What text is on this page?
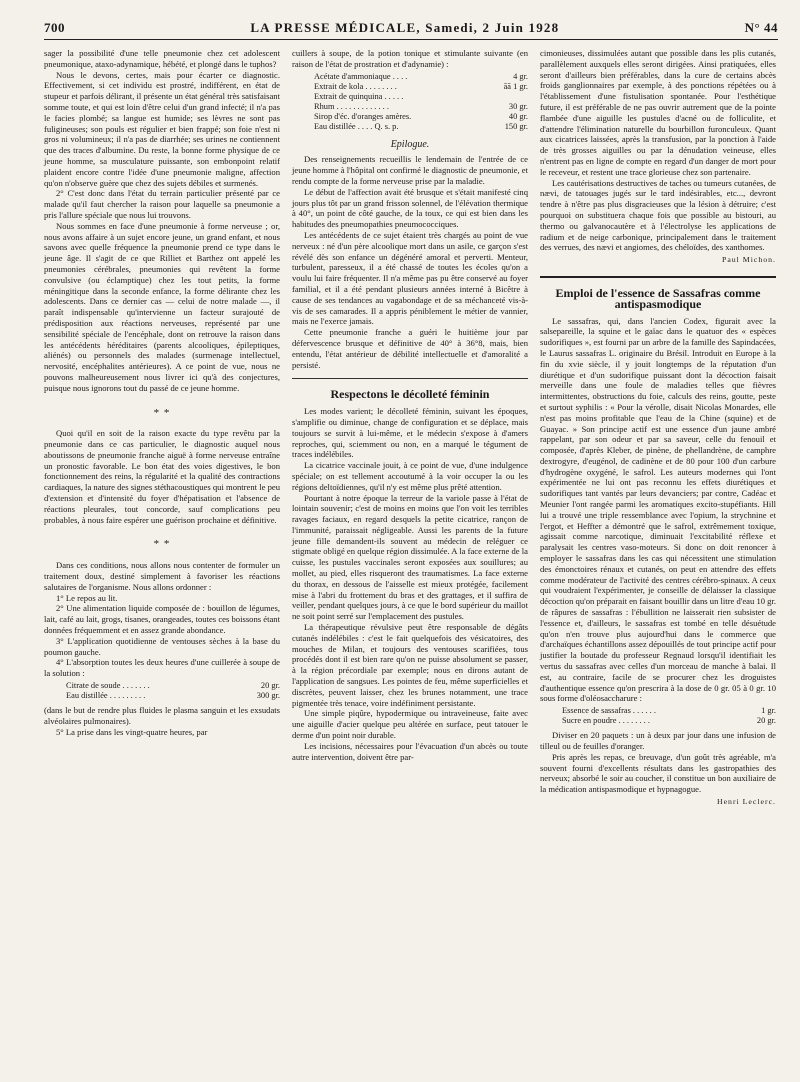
700	LA PRESSE MÉDICALE, Samedi, 2 Juin 1928	N° 44

sager la possibilité d'une telle pneumonie chez cet adolescent pneumonique, ataxo-adynamique, hébété, et plongé dans le tuphos?

Nous le devons, certes, mais pour écarter ce diagnostic. Effectivement, si cet individu est prostré, indifférent, en état de stupeur et parfois délirant, il présente un état général très satisfaisant somme toute, et qui est loin d'être celui d'un grand infecté; il n'a pas le facies plombé; sa langue est humide; ses lèvres ne sont pas fuligineuses; son pouls est régulier et bien frappé; son foie n'est ni gros ni volumineux; il n'a pas de diarrhée; ses urines ne contiennent que des traces d'albumine. Du reste, la bonne forme physique de ce jeune homme, sa musculature puissante, son embonpoint relatif plaident encore contre l'idée d'une pneumonie maligne, affection qu'on n'observe guère que chez des sujets débiles et surmenés.

2° C'est donc dans l'état du terrain particulier présenté par ce malade qu'il faut chercher la raison pour laquelle sa pneumonie a pris l'allure spéciale que nous lui trouvons.

Nous sommes en face d'une pneumonie à forme nerveuse ; or, nous avons affaire à un sujet encore jeune, un grand enfant, et nous savons avec quelle fréquence la pneumonie prend ce type dans le jeune âge. Il s'agit de ce que Rilliet et Barthez ont appelé les pneumonies cérébrales, pneumonies qui revêtent la forme convulsive (ou éclamptique) chez les tout petits, la forme méningitique dans la seconde enfance, la forme délirante chez les adolescents. Dans ce dernier cas — celui de notre malade —, il paraît indispensable qu'intervienne un facteur surajouté de prédisposition aux réactions nerveuses, représenté par une sensibilité spéciale de l'encéphale, dont on retrouve la raison dans les antécédents héréditaires (parents alcooliques, épileptiques, aliénés) ou personnels des malades (surmenage intellectuel, nervosité, encéphalites antérieures). A ce point de vue, nous ne pouvons malheureusement nous livrer ici qu'à des conjectures, puisque nous ignorons tout du passé de ce jeune homme.

* *

Quoi qu'il en soit de la raison exacte du type revêtu par la pneumonie dans ce cas particulier, le diagnostic auquel nous aboutissons de pneumonie franche aiguë à forme nerveuse entraîne un pronostic favorable. Le bon état des voies digestives, le bon fonctionnement des reins, la régularité et la qualité des contractions cardiaques, la nature des signes stéthacoustiques qui montrent le peu d'extension et d'intensité du foyer d'hépatisation et l'absence de réactions pleurales, tout concorde, sauf complications peu probables, à nous faire espérer une guérison prochaine et définitive.

* *

Dans ces conditions, nous allons nous contenter de formuler un traitement doux, destiné simplement à favoriser les réactions salutaires de l'organisme. Nous allons ordonner :

1° Le repos au lit.
2° Une alimentation liquide composée de : bouillon de légumes, lait, café au lait, grogs, tisanes, orangeades, toutes ces boissons étant données fréquemment et en assez grande abondance.
3° L'application quotidienne de ventouses sèches à la base du poumon gauche.
4° L'absorption toutes les deux heures d'une cuillerée à soupe de la solution :
Citrate de soude . . . . . . .	20 gr.
Eau distillée . . . . . . . . .	300 gr.

(dans le but de rendre plus fluides le plasma sanguin et les exsudats alvéolaires pulmonaires).

5° La prise dans les vingt-quatre heures, par

cuillers à soupe, de la potion tonique et stimulante suivante (en raison de l'état de prostration et d'adynamie) :

Acétate d'ammoniaque . . . .	4 gr.
Extrait de kola . . . . . . . .	āā 1 gr.
Extrait de quinquina . . . . .	
Rhum . . . . . . . . . . . . .	30 gr.
Sirop d'éc. d'oranges amères.	40 gr.
Eau distillée . . . . Q. s. p.	150 gr.
Epilogue.

Des renseignements recueillis le lendemain de l'entrée de ce jeune homme à l'hôpital ont confirmé le diagnostic de pneumonie, et rendu compte de la forme nerveuse prise par la maladie.

Le début de l'affection avait été brusque et s'était manifesté cinq jours plus tôt par un grand frisson solennel, de l'élévation thermique à 40°, un point de côté gauche, de la toux, ce qui est bien dans les habitudes des pneumopathies pneumococciques.

Les antécédents de ce sujet étaient très chargés au point de vue nerveux : né d'un père alcoolique mort dans un asile, ce garçon s'est révélé dès son enfance un dégénéré amoral et perverti. Menteur, turbulent, paresseux, il a été chassé de toutes les écoles qu'on a voulu lui faire fréquenter. Il n'a même pas pu être conservé au foyer familial, et il a été pendant plusieurs années interné à Bicêtre à cause de ses tendances au vagabondage et de sa méchanceté vis-à-vis de ses camarades. Il a appris péniblement le métier de vannier, mais ne l'exerce jamais.

Cette pneumonie franche a guéri le huitième jour par défervescence brusque et définitive de 40° à 36°8, mais, bien entendu, l'état antérieur de débilité intellectuelle et d'amoralité a persisté.

Respectons le décolleté féminin

Les modes varient; le décolleté féminin, suivant les époques, s'amplifie ou diminue, change de configuration et se déplace, mais toujours se survit à lui-même, et le médecin s'expose à d'amers reproches, qui, sciemment ou non, en a marqué le tégument de traces indélébiles.

La cicatrice vaccinale jouit, à ce point de vue, d'une indulgence spéciale; on est tellement accoutumé à la voir occuper la ou les régions deltoïdiennes, qu'il n'y est même plus prêté attention.

Pourtant à notre époque la terreur de la variole passe à l'état de lointain souvenir; c'est de moins en moins que l'on voit les terribles ravages faciaux, en regard desquels la petite cicatrice, rançon de l'immunité, paraissait négligeable. Aussi les parents de la future jeune fille demandent-ils souvent au médecin de reléguer ce stigmate obligé en quelque région dissimulée. A la face externe de la cuisse, les pustules vaccinales seront exposées aux souillures; au mollet, au pied, elles risqueront des traumatismes. La face externe du thorax, en dessous de l'aisselle est mieux protégée, facilement mise à l'abri du frottement du bras et des grattages, et il suffira de veiller, pendant quelques jours, à ce que le bord supérieur du maillot ne soit point serré sur l'emplacement des pustules.

La thérapeutique révulsive peut être responsable de dégâts cutanés indélébiles : c'est le fait quelquefois des vésicatoires, des mouches de Milan, et toujours des ventouses scarifiées, tous procédés dont il est bien rare qu'on ne puisse absolument se passer, à la région précordiale par exemple; nous en dirons autant de l'application de sangsues. Les pointes de feu, même superficielles et discrètes, peuvent laisser, chez les brunes notamment, une trace pigmentée très tenace, voire indéfiniment persistante.

Une simple piqûre, hypodermique ou intraveineuse, faite avec une aiguille d'acier quelque peu altérée en surface, peut tatouer le derme d'un point noir durable.

Les incisions, nécessaires pour l'évacuation d'un abcès ou toute autre intervention, doivent être par-

cimonieuses, dissimulées autant que possible dans les plis cutanés, parallèlement auxquels elles seront dirigées. Ainsi pratiquées, elles seront d'ailleurs bien préférables, dans la cure de certains abcès froids ganglionnaires par exemple, à des ponctions répétées ou à l'établissement d'une fistulisation spontanée. Pour l'esthétique future, il est préférable de ne pas ouvrir autrement que de la pointe flambée d'une aiguille les pustules d'acné ou de folliculite, et d'attendre l'élimination naturelle du bourbillon furonculeux. Quant aux cicatrices laissées, après la transfusion, par la ponction à l'aide de très grosses aiguilles ou par la dénudation veineuse, elles n'entrent pas en ligne de compte en regard d'un danger de mort pour le receveur, et restent une trace glorieuse chez son partenaire.

Les cautérisations destructives de taches ou tumeurs cutanées, de nævi, de tatouages jugés sur le tard indésirables, etc..., devront tendre à n'être pas plus disgracieuses que la lésion à détruire; c'est pourquoi on substituera chaque fois que possible au bistouri, au thermo ou galvanocautère et à l'électrolyse les applications de radium et de neige carbonique, principalement dans le traitement des verrues, des nævi et angiomes, des chéloïdes, des xanthomes.

Paul Michon.
Emploi de l'essence de Sassafras comme antispasmodique

Le sassafras, qui, dans l'ancien Codex, figurait avec la salsepareille, la squine et le gaïac dans le quatuor des « espèces sudorifiques », est fourni par un arbre de la famille des Sapindacées, le Laurus sassafras L. originaire du Brésil. Introduit en Europe à la fin du xvie siècle, il y jouit longtemps de la réputation d'un diurétique et d'un sudorifique puissant dont la décoction faisait merveille dans une foule de maladies telles que fièvres intermittentes, obstructions du foie, calculs des reins, goutte, peste et surtout syphilis : « Pour la vérolle, disait Nicolas Monardes, elle n'est pas moins profitable que l'eau de la Chine (squine) et de Guayac. » Son principe actif est une essence d'un jaune ambré rappelant, par son odeur et par sa saveur, celle du fenouil et composée, d'après Kleber, de pinène, de phellandrène, de camphre dextrogyre, d'eugénol, de cadinène et de 80 pour 100 d'un carbure d'hydrogène oxygéné, le safrol. Les auteurs modernes qui l'ont expérimentée ne lui ont pas reconnu les effets diurétiques et sudorifiques tant vantés par leurs devanciers; par contre, Cadéac et Meunier l'ont rangée parmi les aromatiques excito-stupéfiants. Hill lui a trouvé une triple ressemblance avec l'opium, la strychnine et l'ergot, et Heffter a démontré que le safrol, extrêmement toxique, agissait comme narcotique, diminuait l'excitabilité réflexe et paralysait les centres vaso-moteurs. Si donc on doit renoncer à employer le sassafras dans les cas qui nécessitent une stimulation des émonctoires rénaux et cutanés, on peut en attendre des effets comme modérateur de l'activité des centres cérébro-spinaux. A ceux qui voudraient l'expérimenter, je conseille de délaisser la classique décoction qu'on préparait en faisant bouillir dans un litre d'eau 10 gr. de râpures de sassafras : l'ébullition ne laisserait rien subsister de l'essence et, d'ailleurs, le sassafras est tombé en telle désuétude qu'on n'en trouve plus aujourd'hui dans le commerce que d'archaïques échantillons assez dépouillés de tout principe actif pour justifier la boutade du professeur Regnaud lorsqu'il identifiait les vertus du sassafras avec celles d'un morceau de manche à balai. Il est, au contraire, facile de se procurer chez les droguistes d'authentique essence qu'on prescrira à la dose de 0 gr. 05 à 0 gr. 10 sous forme d'oléosaccharure :

Essence de sassafras . . . . . .	1 gr.
Sucre en poudre . . . . . . . .	20 gr.

Diviser en 20 paquets : un à deux par jour dans une infusion de tilleul ou de feuilles d'oranger.

Pris après les repas, ce breuvage, d'un goût très agréable, m'a souvent fourni d'excellents résultats dans les gastropathies des nerveux; absorbé le soir au coucher, il constitue un bon auxiliaire de la médication antispasmodique et hypnagogue.

Henri Leclerc.
